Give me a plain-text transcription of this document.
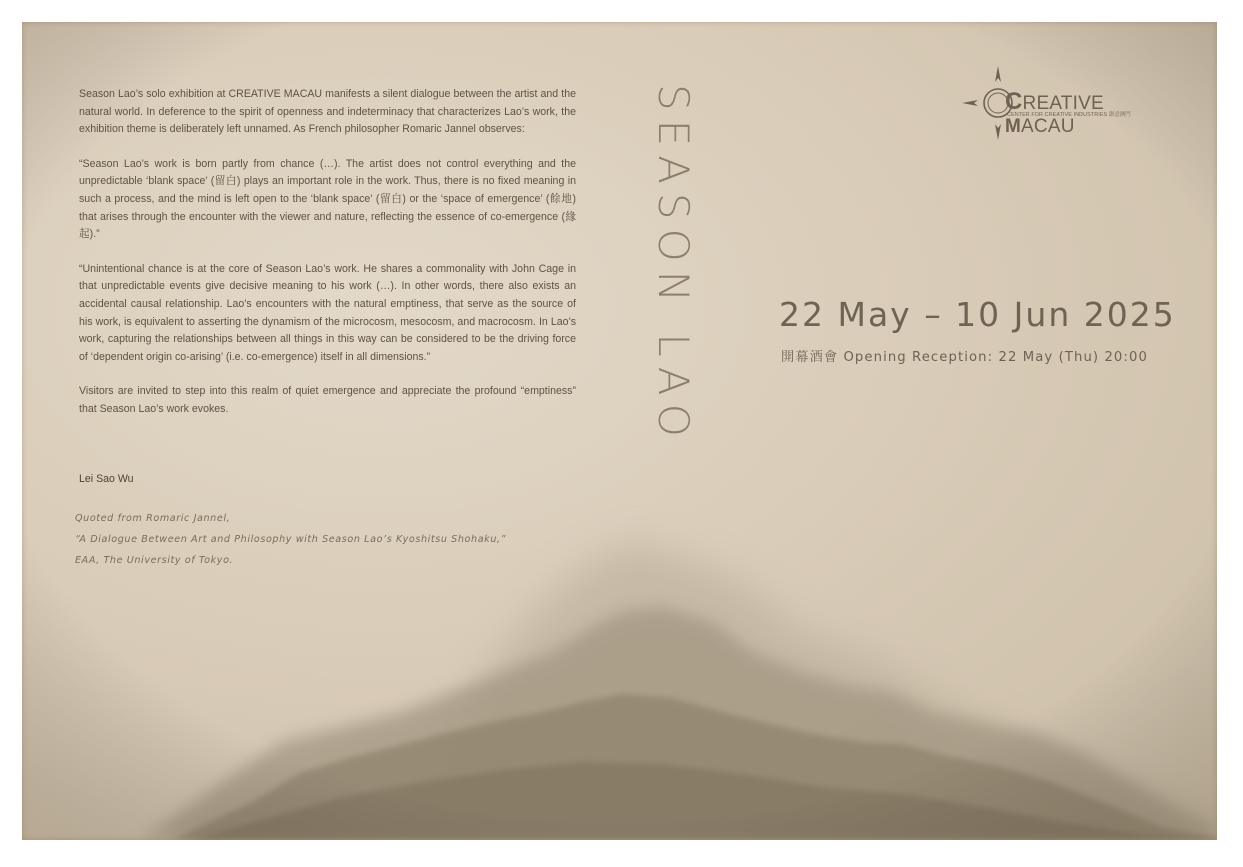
Season Lao’s solo exhibition at CREATIVE MACAU manifests a silent dialogue between the artist and the natural world. In deference to the spirit of openness and indeterminacy that characterizes Lao’s work, the exhibition theme is deliberately left unnamed. As French philosopher Romaric Jannel observes:

“Season Lao’s work is born partly from chance (…). The artist does not control everything and the unpredictable ‘blank space’ (留白) plays an important role in the work. Thus, there is no fixed meaning in such a process, and the mind is left open to the ‘blank space’ (留白) or the ‘space of emergence’ (餘地) that arises through the encounter with the viewer and nature, reflecting the essence of co-emergence (緣起).”

“Unintentional chance is at the core of Season Lao’s work. He shares a commonality with John Cage in that unpredictable events give decisive meaning to his work (…). In other words, there also exists an accidental causal relationship. Lao’s encounters with the natural emptiness, that serve as the source of his work, is equivalent to asserting the dynamism of the microcosm, mesocosm, and macrocosm. In Lao’s work, capturing the relationships between all things in this way can be considered to be the driving force of ‘dependent origin co-arising’ (i.e. co-emergence) itself in all dimensions.”

Visitors are invited to step into this realm of quiet emergence and appreciate the profound “emptiness” that Season Lao’s work evokes.

Lei Sao Wu
Quoted from Romaric Jannel,
“A Dialogue Between Art and Philosophy with Season Lao’s Kyoshitsu Shohaku,”
EAA, The University of Tokyo.
SEASON LAO 22 May – 10 Jun 2025
開幕酒會 Opening Reception: 22 May (Thu) 20:00
CREATIVE MACAU
CENTER FOR CREATIVE INDUSTRIES 創意澳門
